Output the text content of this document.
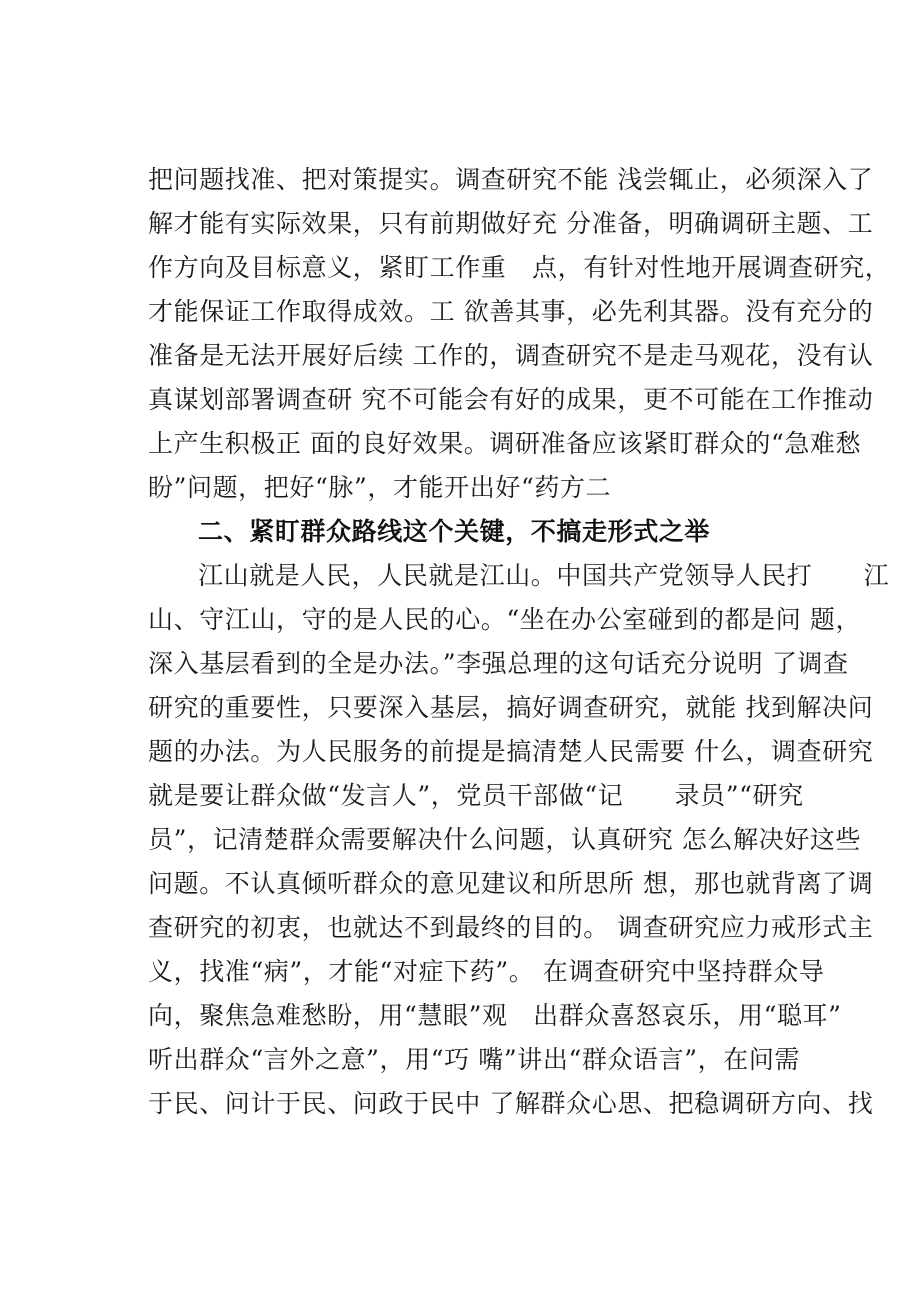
把问题找准、把对策提实。调查研究不能 浅尝辄止，必须深入了
解才能有实际效果，只有前期做好充 分准备，明确调研主题、工
作方向及目标意义，紧盯工作重　点，有针对性地开展调查研究，
才能保证工作取得成效。工 欲善其事，必先利其器。没有充分的
准备是无法开展好后续 工作的，调查研究不是走马观花，没有认
真谋划部署调查研 究不可能会有好的成果，更不可能在工作推动
上产生积极正 面的良好效果。调研准备应该紧盯群众的“急难愁
盼”问题，把好“脉”，才能开出好“药方二
二、紧盯群众路线这个关键，不搞走形式之举
江山就是人民，人民就是江山。中国共产党领导人民打　　江
山、守江山，守的是人民的心。“坐在办公室碰到的都是问 题，
深入基层看到的全是办法。”李强总理的这句话充分说明 了调查
研究的重要性，只要深入基层，搞好调查研究，就能 找到解决问
题的办法。为人民服务的前提是搞清楚人民需要 什么，调查研究
就是要让群众做“发言人”，党员干部做“记　　录员”“研究
员”，记清楚群众需要解决什么问题，认真研究 怎么解决好这些
问题。不认真倾听群众的意见建议和所思所 想，那也就背离了调
查研究的初衷，也就达不到最终的目的。 调查研究应力戒形式主
义，找准“病”，才能“对症下药”。 在调查研究中坚持群众导
向，聚焦急难愁盼，用“慧眼”观　出群众喜怒哀乐，用“聪耳”
听出群众“言外之意”，用“巧 嘴”讲出“群众语言”，在问需
于民、问计于民、问政于民中 了解群众心思、把稳调研方向、找
